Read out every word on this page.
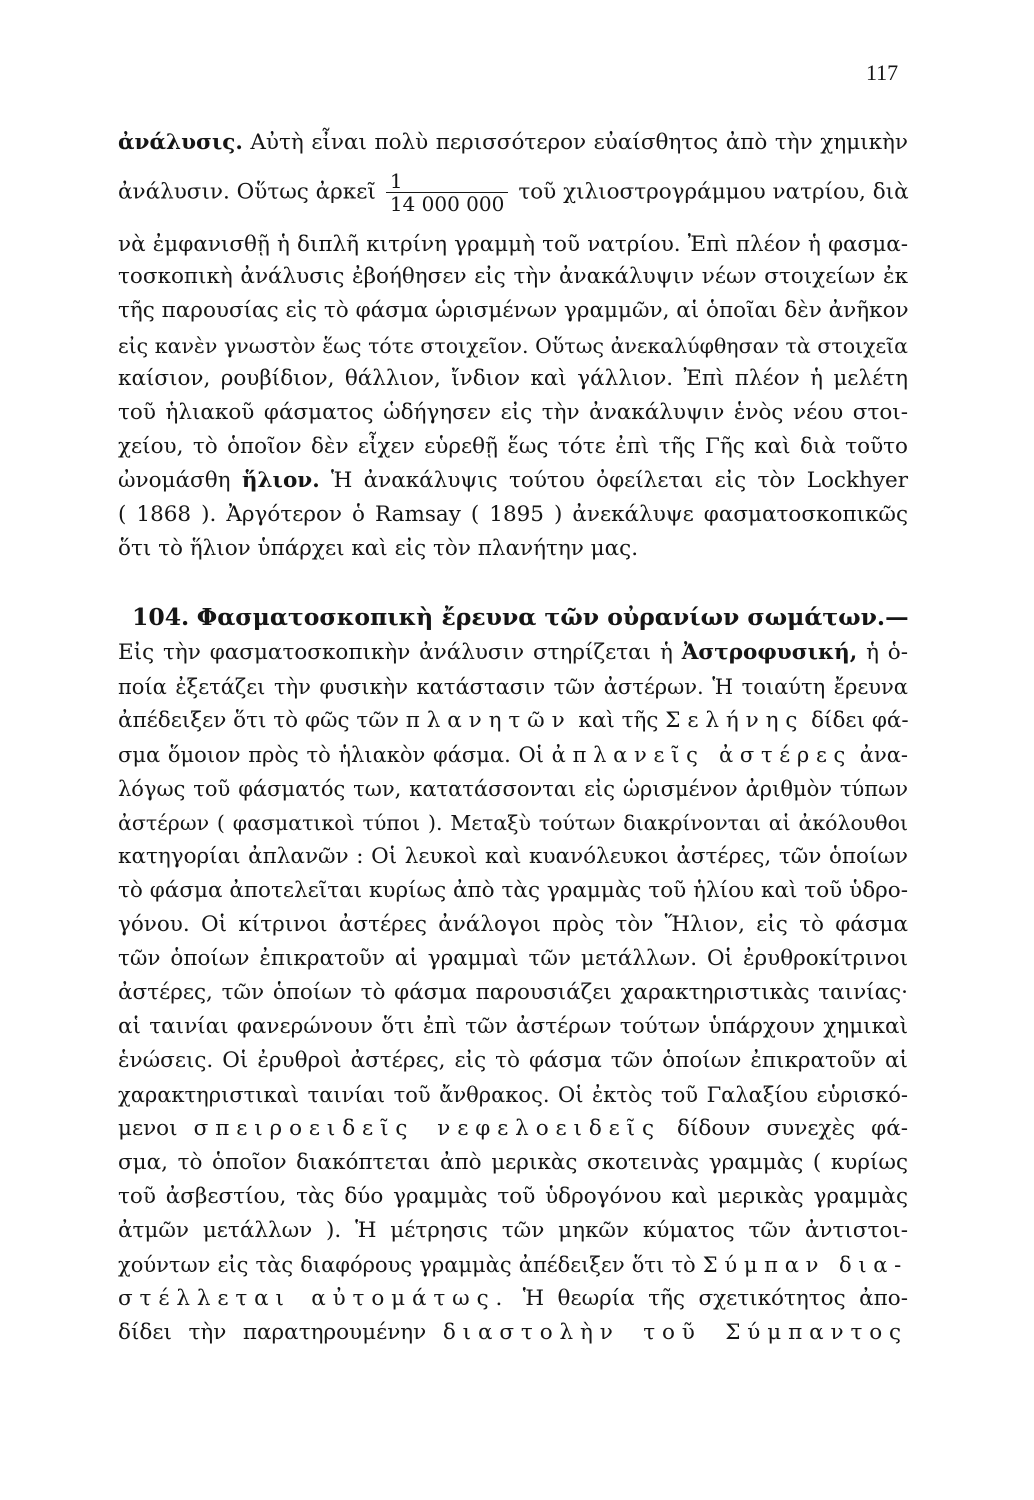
117
ἀνάλυσις. Αὐτὴ εἶναι πολὺ περισσότερον εὐαίσθητος ἀπὸ τὴν χημικὴν
ἀνάλυσιν. Οὕτως ἀρκεῖ $\frac{1}{14 000 000}$ τοῦ χιλιοστρογράμμου νατρίου, διὰ
νὰ ἐμφανισθῇ ἡ διπλῆ κιτρίνη γραμμὴ τοῦ νατρίου. Ἐπὶ πλέον ἡ φασμα-
τοσκοπικὴ ἀνάλυσις ἐβοήθησεν εἰς τὴν ἀνακάλυψιν νέων στοιχείων ἐκ
τῆς παρουσίας εἰς τὸ φάσμα ὡρισμένων γραμμῶν, αἱ ὁποῖαι δὲν ἀνῆκον
εἰς κανὲν γνωστὸν ἕως τότε στοιχεῖον. Οὕτως ἀνεκαλύφθησαν τὰ στοιχεῖα
καίσιον, ρουβίδιον, θάλλιον, ἴνδιον καὶ γάλλιον. Ἐπὶ πλέον ἡ μελέτη
τοῦ ἡλιακοῦ φάσματος ὡδήγησεν εἰς τὴν ἀνακάλυψιν ἑνὸς νέου στοι-
χείου, τὸ ὁποῖον δὲν εἶχεν εὑρεθῇ ἕως τότε ἐπὶ τῆς Γῆς καὶ διὰ τοῦτο
ὠνομάσθη ἥλιον. Ἡ ἀνακάλυψις τούτου ὀφείλεται εἰς τὸν Lockhyer
( 1868 ). Ἀργότερον ὁ Ramsay ( 1895 ) ἀνεκάλυψε φασματοσκοπικῶς
ὅτι τὸ ἥλιον ὑπάρχει καὶ εἰς τὸν πλανήτην μας.
104. Φασματοσκοπικὴ ἔρευνα τῶν οὐρανίων σωμάτων.—
Εἰς τὴν φασματοσκοπικὴν ἀνάλυσιν στηρίζεται ἡ Ἀστροφυσική, ἡ ὁ-
ποία ἐξετάζει τὴν φυσικὴν κατάστασιν τῶν ἀστέρων. Ἡ τοιαύτη ἔρευνα
ἀπέδειξεν ὅτι τὸ φῶς τῶν πλανητῶν καὶ τῆς Σελήνης δίδει φά-
σμα ὅμοιον πρὸς τὸ ἡλιακὸν φάσμα. Οἱ ἀπλανεῖς ἀστέρες ἀνα-
λόγως τοῦ φάσματός των, κατατάσσονται εἰς ὡρισμένον ἀριθμὸν τύπων
ἀστέρων ( φασματικοὶ τύποι ). Μεταξὺ τούτων διακρίνονται αἱ ἀκόλουθοι
κατηγορίαι ἀπλανῶν : Οἱ λευκοὶ καὶ κυανόλευκοι ἀστέρες, τῶν ὁποίων
τὸ φάσμα ἀποτελεῖται κυρίως ἀπὸ τὰς γραμμὰς τοῦ ἡλίου καὶ τοῦ ὑδρο-
γόνου. Οἱ κίτρινοι ἀστέρες ἀνάλογοι πρὸς τὸν Ἥλιον, εἰς τὸ φάσμα
τῶν ὁποίων ἐπικρατοῦν αἱ γραμμαὶ τῶν μετάλλων. Οἱ ἐρυθροκίτρινοι
ἀστέρες, τῶν ὁποίων τὸ φάσμα παρουσιάζει χαρακτηριστικὰς ταινίας·
αἱ ταινίαι φανερώνουν ὅτι ἐπὶ τῶν ἀστέρων τούτων ὑπάρχουν χημικαὶ
ἑνώσεις. Οἱ ἐρυθροὶ ἀστέρες, εἰς τὸ φάσμα τῶν ὁποίων ἐπικρατοῦν αἱ
χαρακτηριστικαὶ ταινίαι τοῦ ἄνθρακος. Οἱ ἐκτὸς τοῦ Γαλαξίου εὑρισκό-
μενοι σπειροειδεῖς νεφελοειδεῖς δίδουν συνεχὲς φά-
σμα, τὸ ὁποῖον διακόπτεται ἀπὸ μερικὰς σκοτεινὰς γραμμὰς ( κυρίως
τοῦ ἀσβεστίου, τὰς δύο γραμμὰς τοῦ ὑδρογόνου καὶ μερικὰς γραμμὰς
ἀτμῶν μετάλλων ). Ἡ μέτρησις τῶν μηκῶν κύματος τῶν ἀντιστοι-
χούντων εἰς τὰς διαφόρους γραμμὰς ἀπέδειξεν ὅτι τὸ Σύμπαν δια-
στέλλεται αὐτομάτως. Ἡ θεωρία τῆς σχετικότητος ἀπο-
δίδει τὴν παρατηρουμένην διαστολὴν τοῦ Σύμπαντος
